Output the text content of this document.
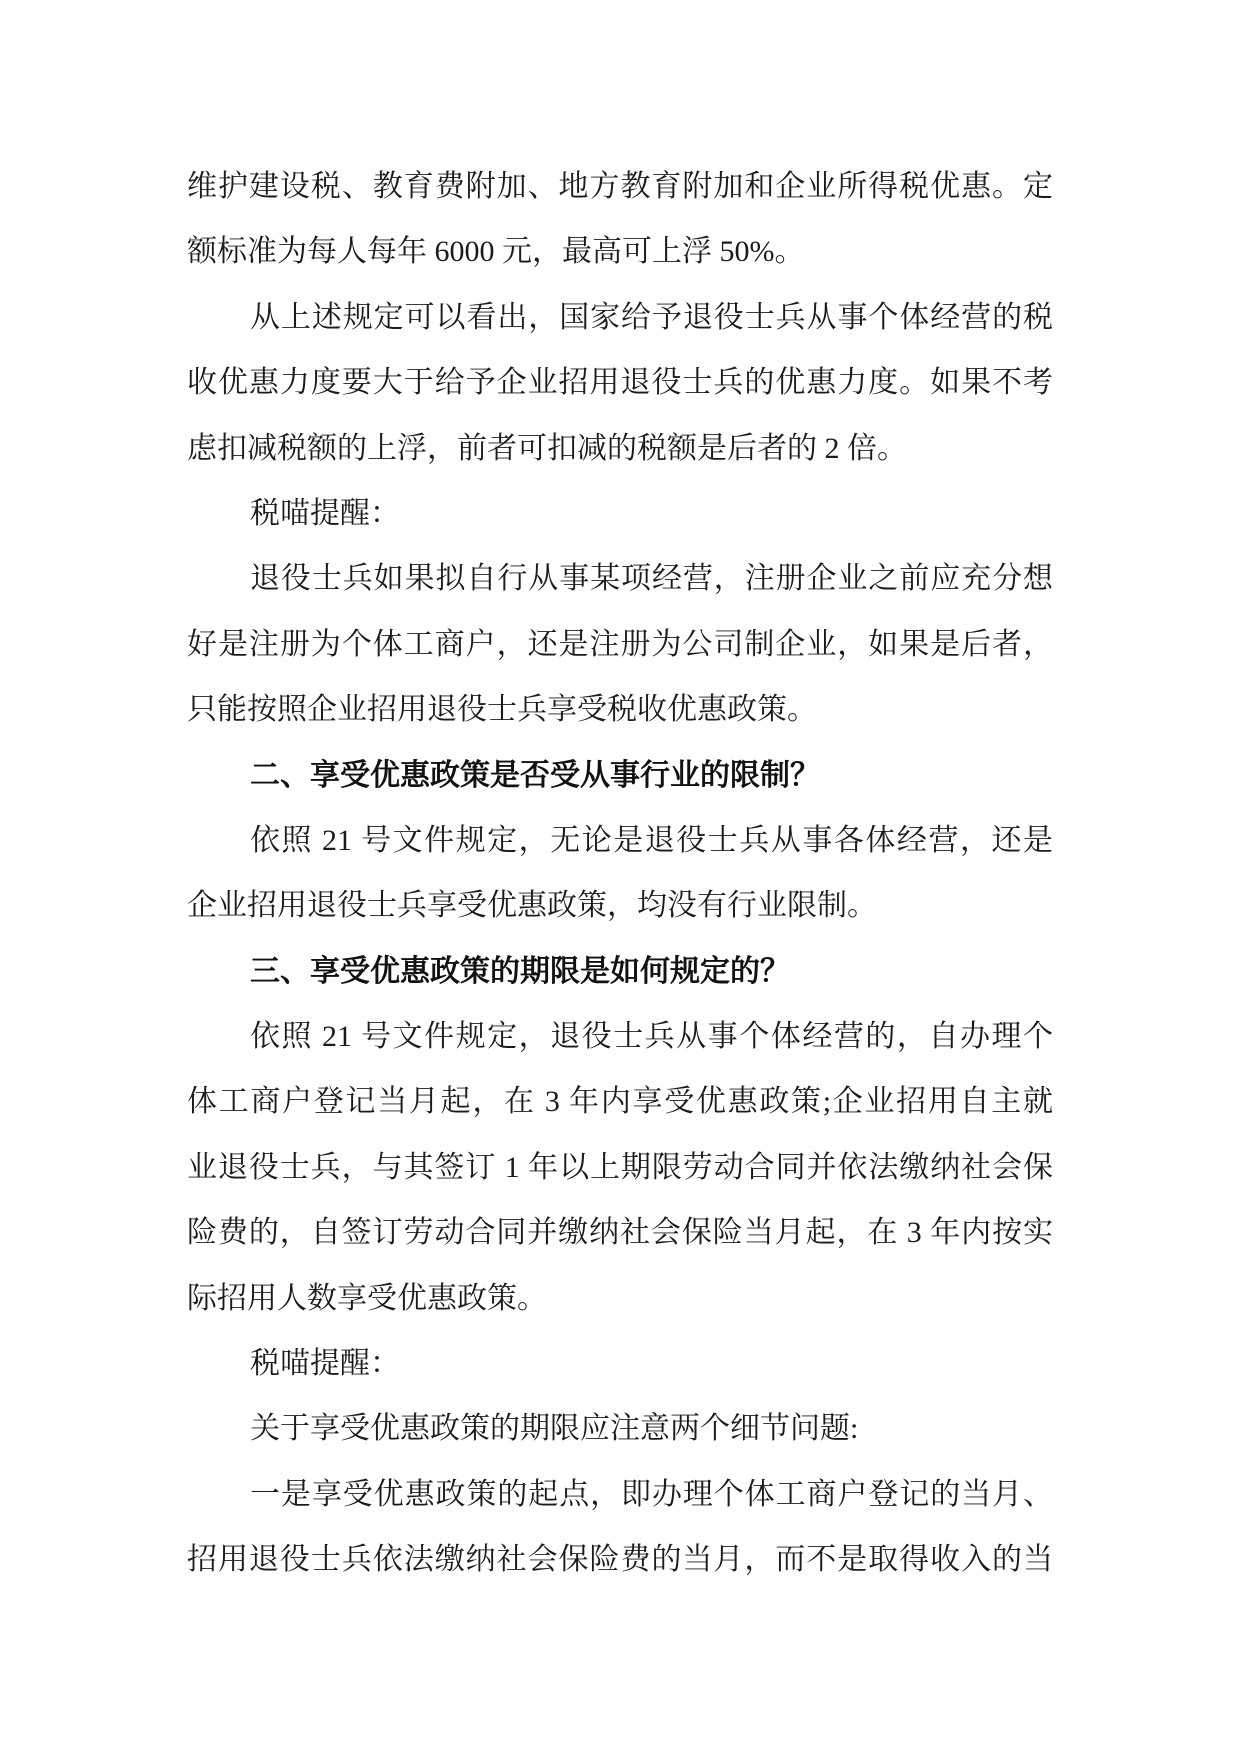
维护建设税、教育费附加、地方教育附加和企业所得税优惠。定
额标准为每人每年 6000 元，最高可上浮 50%。
从上述规定可以看出，国家给予退役士兵从事个体经营的税
收优惠力度要大于给予企业招用退役士兵的优惠力度。如果不考
虑扣减税额的上浮，前者可扣减的税额是后者的 2 倍。
税喵提醒：
退役士兵如果拟自行从事某项经营，注册企业之前应充分想
好是注册为个体工商户，还是注册为公司制企业，如果是后者，
只能按照企业招用退役士兵享受税收优惠政策。
二、享受优惠政策是否受从事行业的限制？
依照 21 号文件规定，无论是退役士兵从事各体经营，还是
企业招用退役士兵享受优惠政策，均没有行业限制。
三、享受优惠政策的期限是如何规定的？
依照 21 号文件规定，退役士兵从事个体经营的，自办理个
体工商户登记当月起，在 3 年内享受优惠政策;企业招用自主就
业退役士兵，与其签订 1 年以上期限劳动合同并依法缴纳社会保
险费的，自签订劳动合同并缴纳社会保险当月起，在 3 年内按实
际招用人数享受优惠政策。
税喵提醒：
关于享受优惠政策的期限应注意两个细节问题:
一是享受优惠政策的起点，即办理个体工商户登记的当月、
招用退役士兵依法缴纳社会保险费的当月，而不是取得收入的当
